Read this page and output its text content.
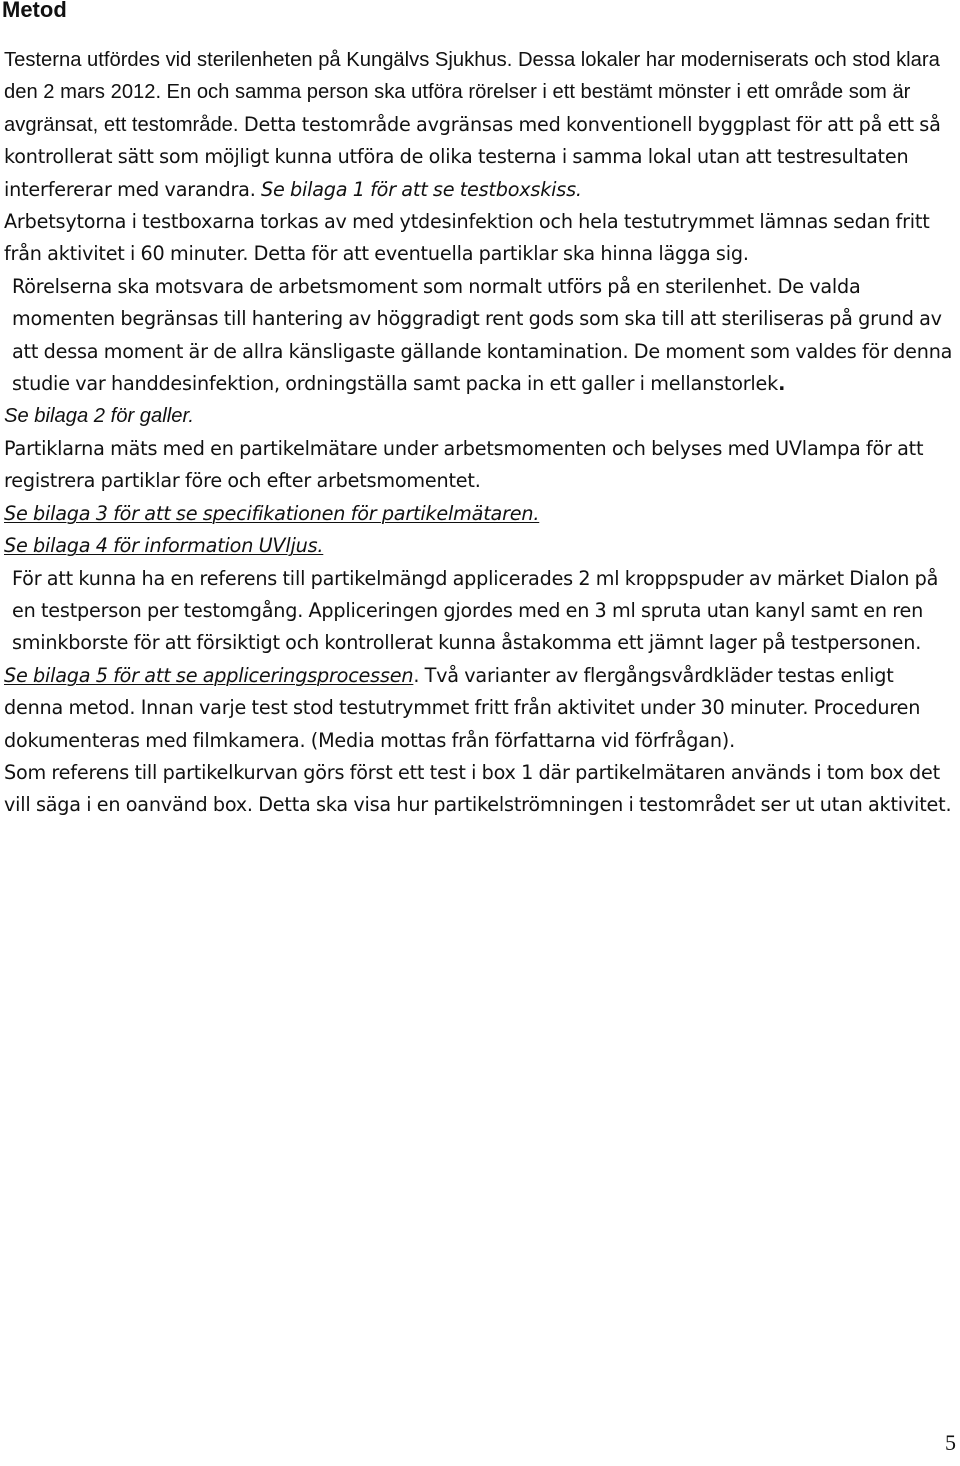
Metod

Testerna utfördes vid sterilenheten på Kungälvs Sjukhus. Dessa lokaler har moderniserats och stod klara den 2 mars 2012. En och samma person ska utföra rörelser i ett bestämt mönster i ett område som är avgränsat, ett testområde. Detta testområde avgränsas med konventionell byggplast för att på ett så kontrollerat sätt som möjligt kunna utföra de olika testerna i samma lokal utan att testresultaten interfererar med varandra. Se bilaga 1 för att se testboxskiss.

Arbetsytorna i testboxarna torkas av med ytdesinfektion och hela testutrymmet lämnas sedan fritt från aktivitet i 60 minuter. Detta för att eventuella partiklar ska hinna lägga sig.

Rörelserna ska motsvara de arbetsmoment som normalt utförs på en sterilenhet. De valda momenten begränsas till hantering av höggradigt rent gods som ska till att steriliseras på grund av att dessa moment är de allra känsligaste gällande kontamination. De moment som valdes för denna studie var handdesinfektion, ordningställa samt packa in ett galler i mellanstorlek.

Se bilaga 2 för galler.

Partiklarna mäts med en partikelmätare under arbetsmomenten och belyses med UVlampa för att registrera partiklar före och efter arbetsmomentet.

Se bilaga 3 för att se specifikationen för partikelmätaren.

Se bilaga 4 för information UVljus.

För att kunna ha en referens till partikelmängd applicerades 2 ml kroppspuder av märket Dialon på en testperson per testomgång. Appliceringen gjordes med en 3 ml spruta utan kanyl samt en ren sminkborste för att försiktigt och kontrollerat kunna åstakomma ett jämnt lager på testpersonen.

Se bilaga 5 för att se appliceringsprocessen. Två varianter av flergångsvårdkläder testas enligt denna metod. Innan varje test stod testutrymmet fritt från aktivitet under 30 minuter. Proceduren dokumenteras med filmkamera. (Media mottas från författarna vid förfrågan).

Som referens till partikelkurvan görs först ett test i box 1 där partikelmätaren används i tom box det vill säga i en oanvänd box. Detta ska visa hur partikelströmningen i testområdet ser ut utan aktivitet.

5
